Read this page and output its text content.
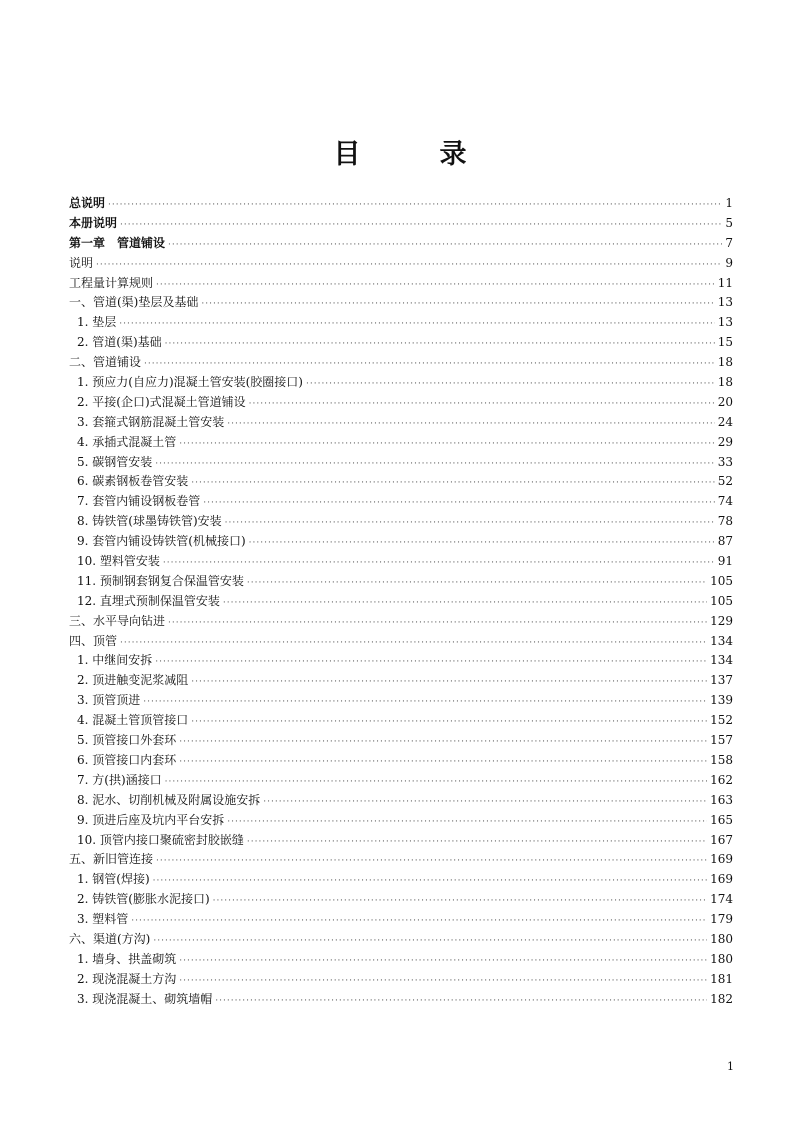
目　录
总说明 ·····	1
本册说明 ·····	5
第一章　管道铺设 ·····	7
说明 ·····	9
工程量计算规则 ·····	11
一、管道(渠)垫层及基础 ·····	13
1. 垫层 ·····	13
2. 管道(渠)基础 ·····	15
二、管道铺设 ·····	18
1. 预应力(自应力)混凝土管安装(胶圈接口) ·····	18
2. 平接(企口)式混凝土管道铺设 ·····	20
3. 套箍式钢筋混凝土管安装 ·····	24
4. 承插式混凝土管 ·····	29
5. 碳钢管安装 ·····	33
6. 碳素钢板卷管安装 ·····	52
7. 套管内铺设钢板卷管 ·····	74
8. 铸铁管(球墨铸铁管)安装 ·····	78
9. 套管内铺设铸铁管(机械接口) ·····	87
10. 塑料管安装 ·····	91
11. 预制钢套钢复合保温管安装 ·····	105
12. 直埋式预制保温管安装 ·····	105
三、水平导向钻进 ·····	129
四、顶管 ·····	134
1. 中继间安拆 ·····	134
2. 顶进触变泥浆减阻 ·····	137
3. 顶管顶进 ·····	139
4. 混凝土管顶管接口 ·····	152
5. 顶管接口外套环 ·····	157
6. 顶管接口内套环 ·····	158
7. 方(拱)涵接口 ·····	162
8. 泥水、切削机械及附属设施安拆 ·····	163
9. 顶进后座及坑内平台安拆 ·····	165
10. 顶管内接口聚硫密封胶嵌缝 ·····	167
五、新旧管连接 ·····	169
1. 钢管(焊接) ·····	169
2. 铸铁管(膨胀水泥接口) ·····	174
3. 塑料管 ·····	179
六、渠道(方沟) ·····	180
1. 墙身、拱盖砌筑 ·····	180
2. 现浇混凝土方沟 ·····	181
3. 现浇混凝土、砌筑墙帽 ·····	182
1
